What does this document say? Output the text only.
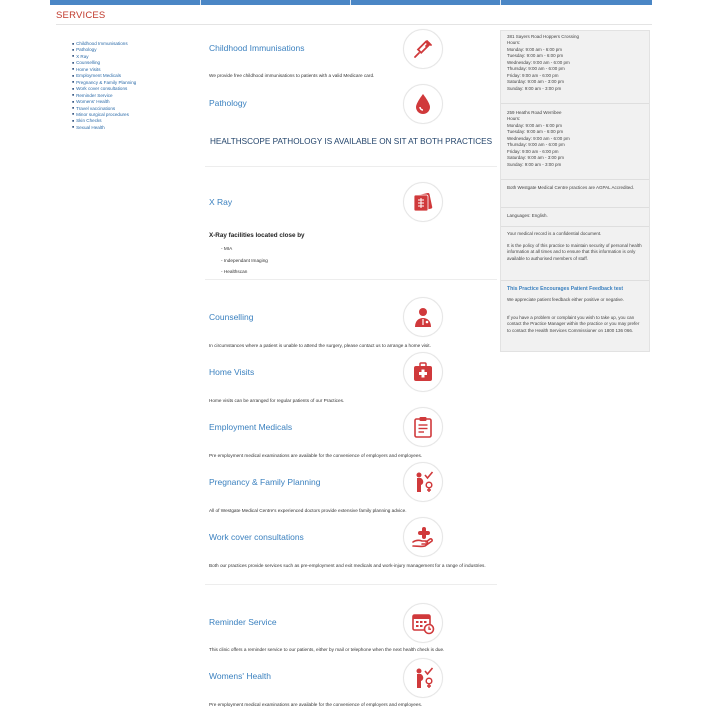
SERVICES
■ Childhood Immunisations
■ Pathology
■ X Ray
■ Counselling
■ Home Visits
■ Employment Medicals
■ Pregnancy & Family Planning
■ Work cover consultations
■ Reminder Service
■ Womens' Health
■ Travel vaccinations
■ Minor surgical procedures
■ Skin Checks
■ Sexual Health
Childhood Immunisations
We provide free childhood immunisations to patients with a valid Medicare card.
Pathology
HEALTHSCOPE PATHOLOGY IS AVAILABLE ON SIT AT BOTH PRACTICES
X Ray
X-Ray facilities located close by
- MIA
- Independant Imaging
- Healthscan
Counselling
In circumstances where a patient is unable to attend the surgery, please contact us to arrange a home visit.
Home Visits
Home visits can be arranged for regular patients of our Practices.
Employment Medicals
Pre employment medical examinations are available for the convenience of employers and employees.
Pregnancy & Family Planning
All of Westgate Medical Centre's experienced doctors provide extensive family planning advice.
Work cover consultations
Both our practices provide services such as pre-employment and exit medicals and work-injury management for a range of industries.
Reminder Service
This clinic offers a reminder service to our patients, either by mail or telephone when the next health check is due.
Womens' Health
Pre employment medical examinations are available for the convenience of employers and employees.
381 Sayers Road Hoppers Crossing
Hours:
Monday: 9:00 am - 6:00 pm
Tuesday: 9:00 am - 6:00 pm
Wednesday: 9:00 am - 6:00 pm
Thursday: 9:00 am - 6:00 pm
Friday: 9:00 am - 6:00 pm
Saturday: 9:00 am - 3:00 pm
Sunday: 9:00 am - 3:00 pm
259 Heaths Road Werribee
Hours:
Monday: 9:00 am - 6:00 pm
Tuesday: 9:00 am - 6:00 pm
Wednesday: 9:00 am - 6:00 pm
Thursday: 9:00 am - 6:00 pm
Friday: 9:00 am - 6:00 pm
Saturday: 9:00 am - 3:00 pm
Sunday: 9:00 am - 3:00 pm
Both Westgate Medical Centre practices are AGPAL Accredited.
Languages: English.
Your medical record is a confidential document.
It is the policy of this practice to maintain security of personal health information at all times and to ensure that this information is only available to authorised members of staff.
This Practice Encourages Patient Feedback test
We appreciate patient feedback either positive or negative.
If you have a problem or complaint you wish to take up, you can contact the Practice Manager within the practice or you may prefer to contact the Health Services Commissioner on 1800 136 066.
